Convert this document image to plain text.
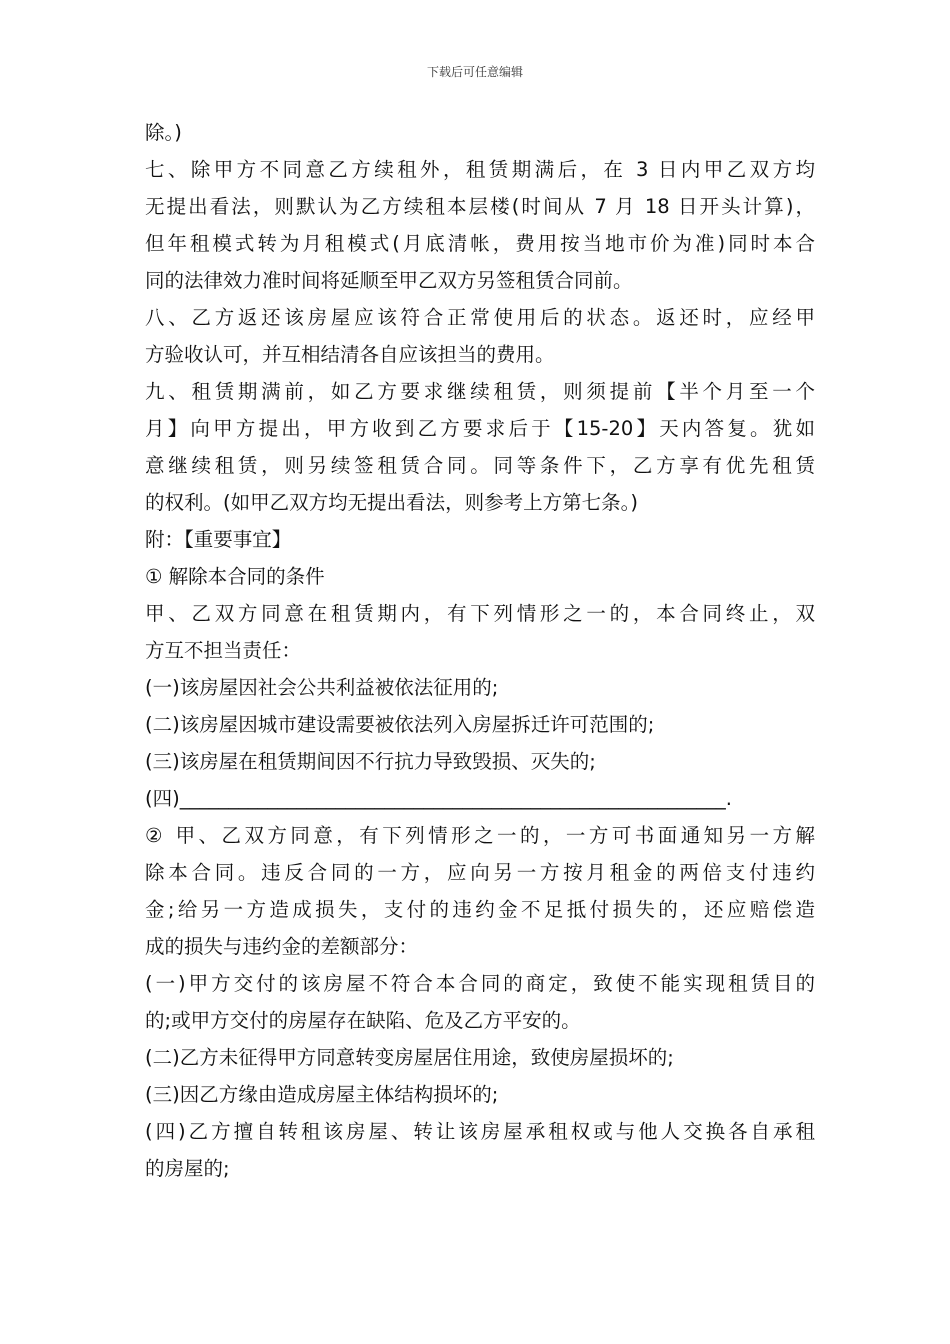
下载后可任意编辑
除。)
七、除甲方不同意乙方续租外，租赁期满后，在 3 日内甲乙双方均
无提出看法，则默认为乙方续租本层楼(时间从 7 月 18 日开头计算)，
但年租模式转为月租模式(月底清帐，费用按当地市价为准)同时本合
同的法律效力准时间将延顺至甲乙双方另签租赁合同前。
八、乙方返还该房屋应该符合正常使用后的状态。返还时，应经甲
方验收认可，并互相结清各自应该担当的费用。
九、租赁期满前，如乙方要求继续租赁，则须提前【半个月至一个
月】向甲方提出，甲方收到乙方要求后于【15-20】天内答复。犹如
意继续租赁，则另续签租赁合同。同等条件下，乙方享有优先租赁
的权利。(如甲乙双方均无提出看法，则参考上方第七条。)
附：【重要事宜】
① 解除本合同的条件
甲、乙双方同意在租赁期内，有下列情形之一的，本合同终止，双
方互不担当责任：
(一)该房屋因社会公共利益被依法征用的;
(二)该房屋因城市建设需要被依法列入房屋拆迁许可范围的;
(三)该房屋在租赁期间因不行抗力导致毁损、灭失的;
(四)________________________________________________________.
② 甲、乙双方同意，有下列情形之一的，一方可书面通知另一方解
除本合同。违反合同的一方，应向另一方按月租金的两倍支付违约
金;给另一方造成损失，支付的违约金不足抵付损失的，还应赔偿造
成的损失与违约金的差额部分：
(一)甲方交付的该房屋不符合本合同的商定，致使不能实现租赁目的
的;或甲方交付的房屋存在缺陷、危及乙方平安的。
(二)乙方未征得甲方同意转变房屋居住用途，致使房屋损坏的;
(三)因乙方缘由造成房屋主体结构损坏的;
(四)乙方擅自转租该房屋、转让该房屋承租权或与他人交换各自承租
的房屋的;
